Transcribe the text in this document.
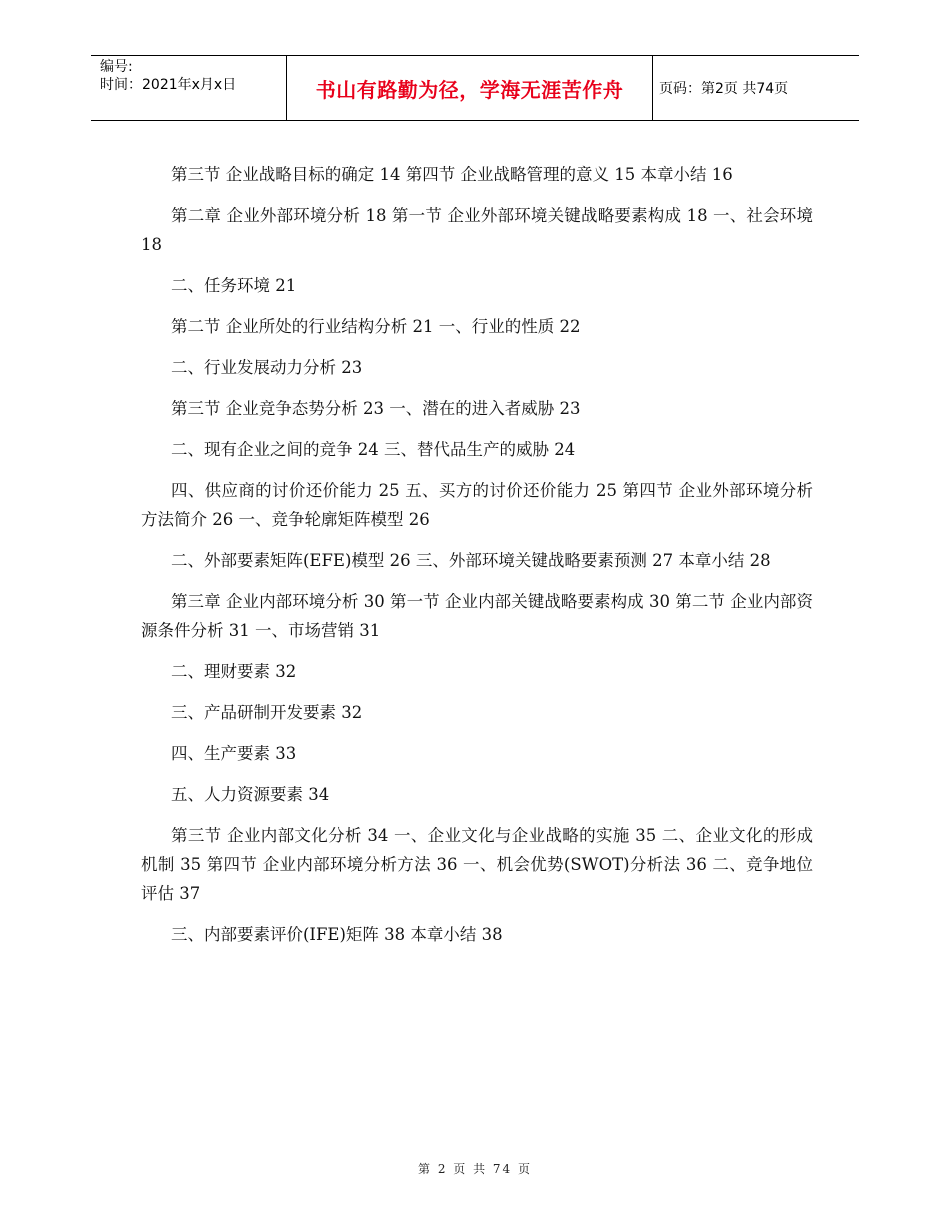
编号:
时间：2021年x月x日	书山有路勤为径，学海无涯苦作舟	页码：第2页 共74页

第三节 企业战略目标的确定 14 第四节 企业战略管理的意义 15 本章小结 16

第二章 企业外部环境分析 18 第一节 企业外部环境关键战略要素构成 18 一、社会环境 18

二、任务环境 21

第二节 企业所处的行业结构分析 21 一、行业的性质 22

二、行业发展动力分析 23

第三节 企业竞争态势分析 23 一、潜在的进入者威胁 23

二、现有企业之间的竞争 24 三、替代品生产的威胁 24

四、供应商的讨价还价能力 25 五、买方的讨价还价能力 25 第四节 企业外部环境分析方法简介 26 一、竞争轮廓矩阵模型 26

二、外部要素矩阵(EFE)模型 26 三、外部环境关键战略要素预测 27 本章小结 28

第三章 企业内部环境分析 30 第一节 企业内部关键战略要素构成 30 第二节 企业内部资源条件分析 31 一、市场营销 31

二、理财要素 32

三、产品研制开发要素 32

四、生产要素 33

五、人力资源要素 34

第三节 企业内部文化分析 34 一、企业文化与企业战略的实施 35 二、企业文化的形成机制 35 第四节 企业内部环境分析方法 36 一、机会优势(SWOT)分析法 36 二、竞争地位评估 37

三、内部要素评价(IFE)矩阵 38 本章小结 38

第 2 页 共 74 页
